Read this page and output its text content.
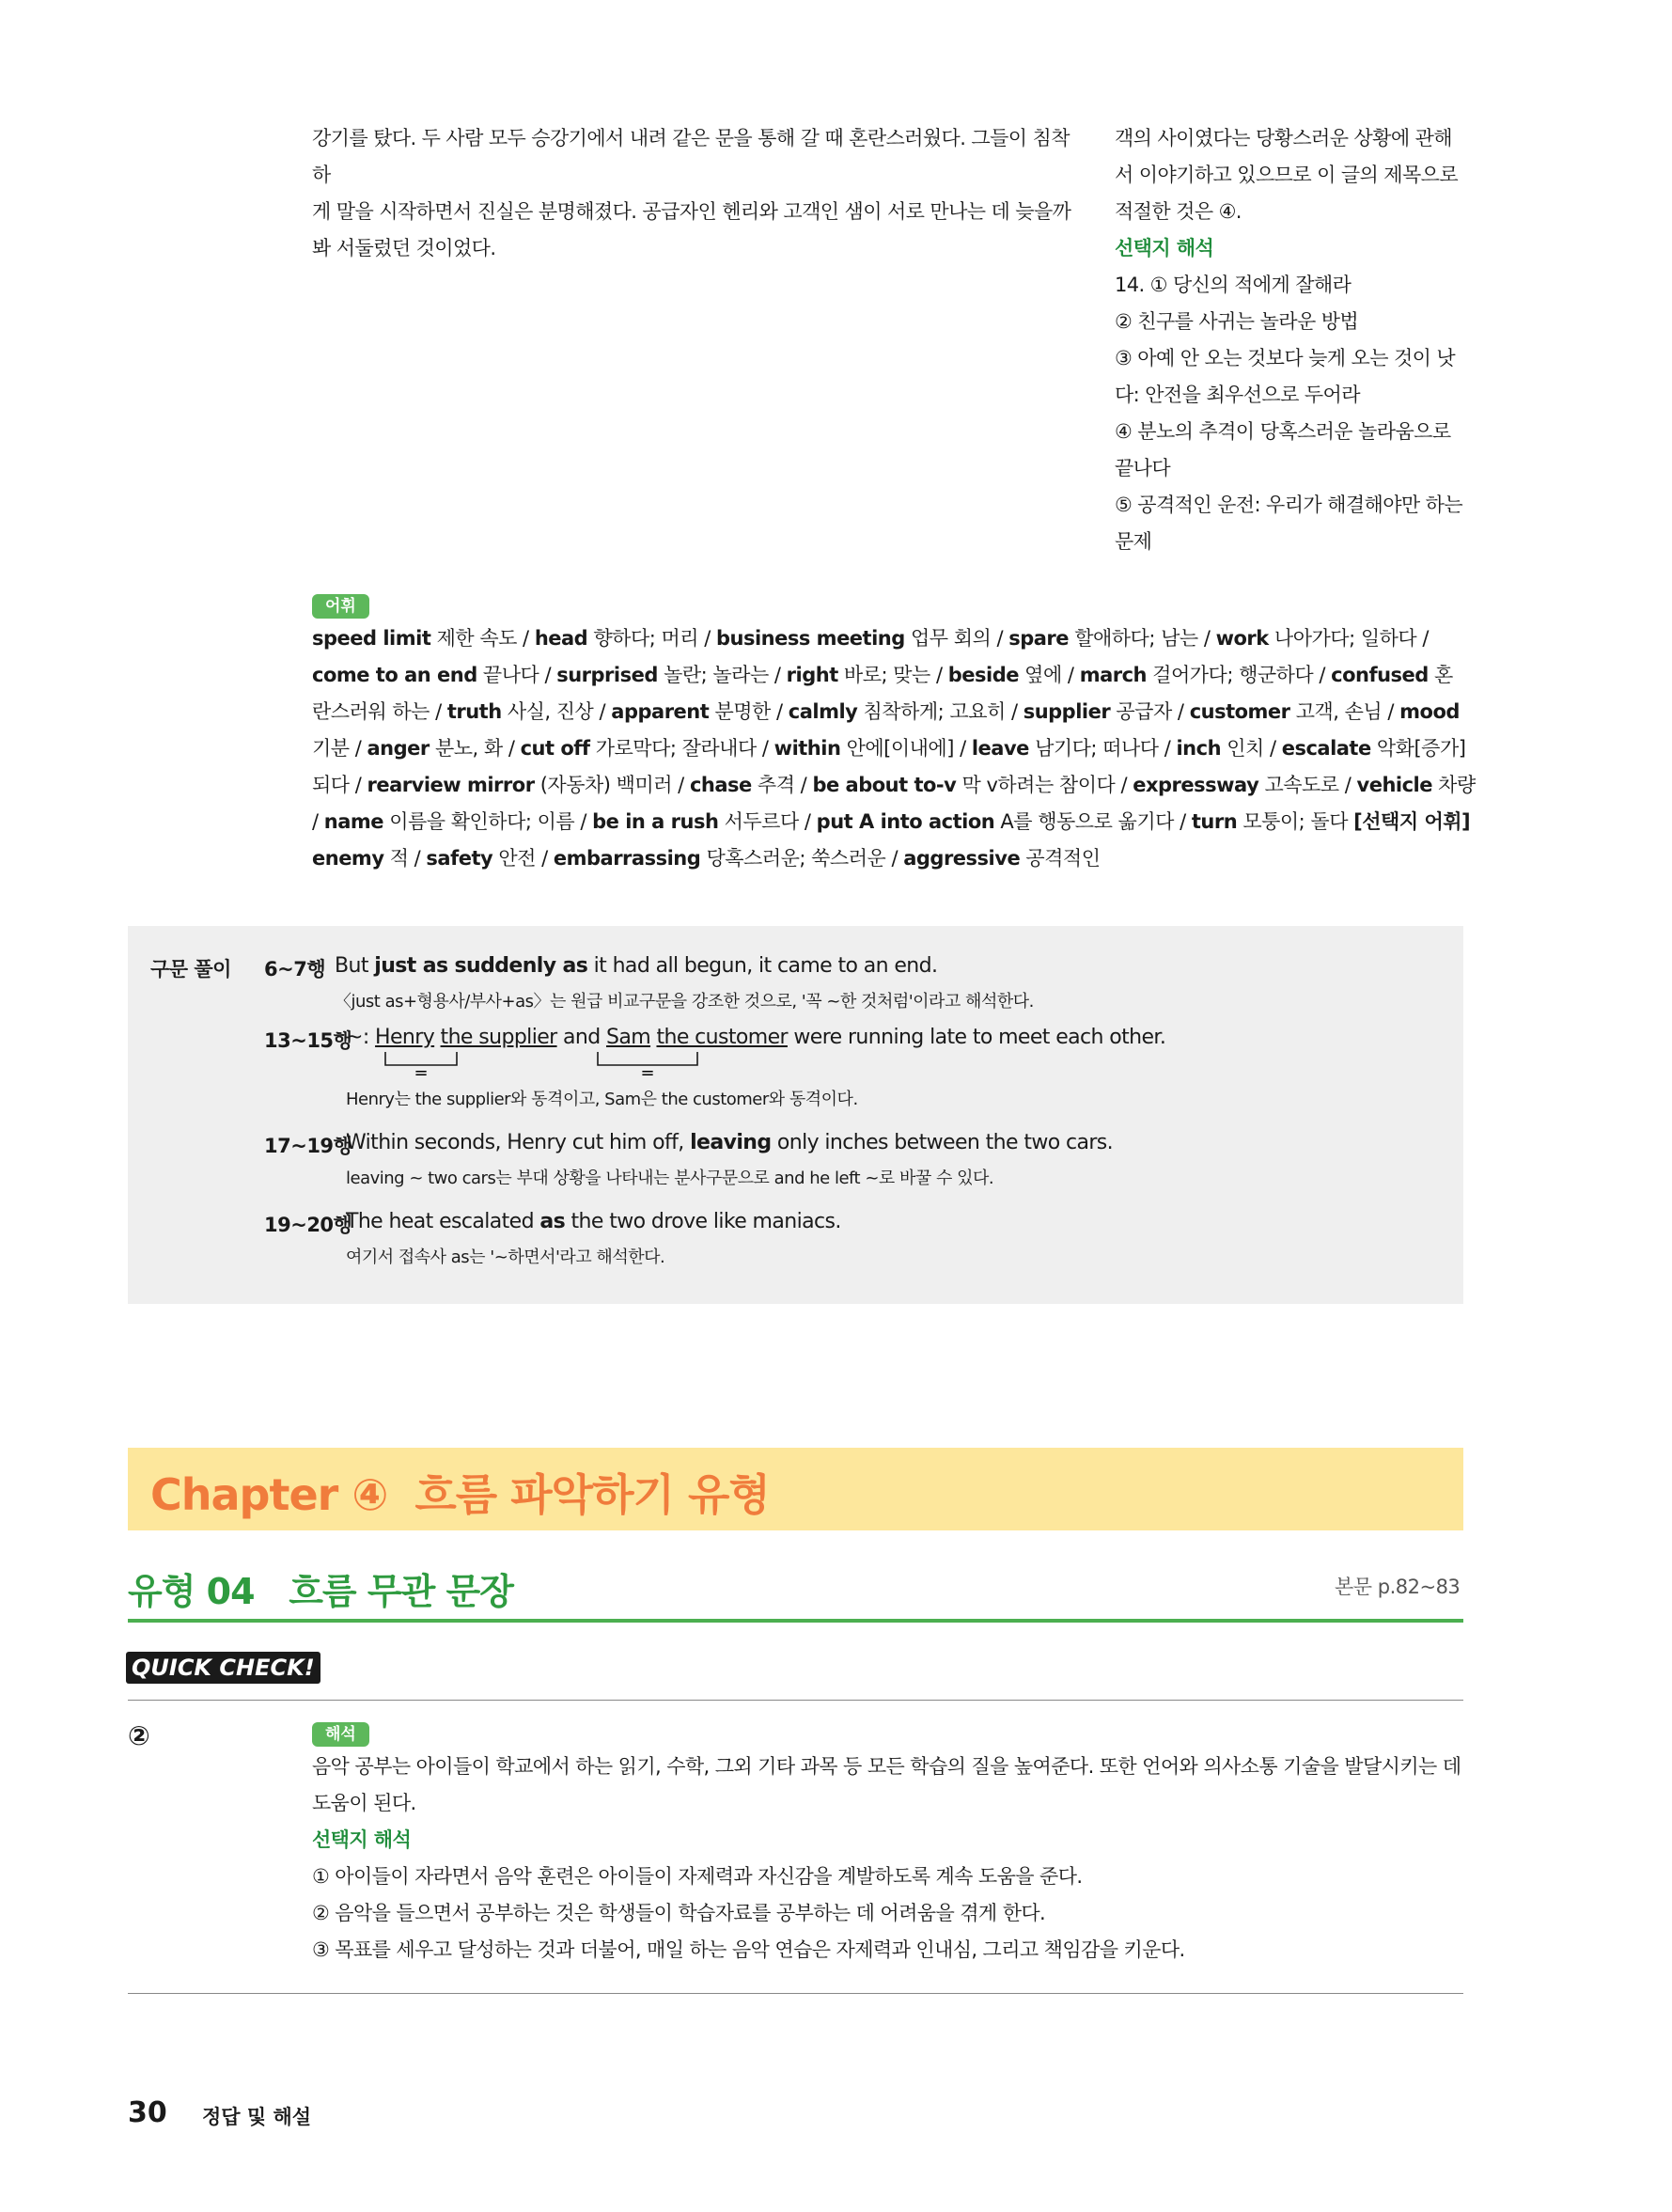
강기를 탔다. 두 사람 모두 승강기에서 내려 같은 문을 통해 갈 때 혼란스러웠다. 그들이 침착하
게 말을 시작하면서 진실은 분명해졌다. 공급자인 헨리와 고객인 샘이 서로 만나는 데 늦을까
봐 서둘렀던 것이었다.
객의 사이였다는 당황스러운 상황에 관해
서 이야기하고 있으므로 이 글의 제목으로
적절한 것은 ④.
선택지 해석
14. ① 당신의 적에게 잘해라
② 친구를 사귀는 놀라운 방법
③ 아예 안 오는 것보다 늦게 오는 것이 낫
다: 안전을 최우선으로 두어라
④ 분노의 추격이 당혹스러운 놀라움으로
끝나다
⑤ 공격적인 운전: 우리가 해결해야만 하는
문제
어휘
speed limit 제한 속도 / head 향하다; 머리 / business meeting 업무 회의 / spare 할애하다; 남는 / work 나아가다; 일하다 /
come to an end 끝나다 / surprised 놀란; 놀라는 / right 바로; 맞는 / beside 옆에 / march 걸어가다; 행군하다 / confused 혼
란스러워 하는 / truth 사실, 진상 / apparent 분명한 / calmly 침착하게; 고요히 / supplier 공급자 / customer 고객, 손님 / mood
기분 / anger 분노, 화 / cut off 가로막다; 잘라내다 / within 안에[이내에] / leave 남기다; 떠나다 / inch 인치 / escalate 악화[증가]
되다 / rearview mirror (자동차) 백미러 / chase 추격 / be about to-v 막 v하려는 참이다 / expressway 고속도로 / vehicle 차량
/ name 이름을 확인하다; 이름 / be in a rush 서두르다 / put A into action A를 행동으로 옮기다 / turn 모퉁이; 돌다 [선택지 어휘]
enemy 적 / safety 안전 / embarrassing 당혹스러운; 쑥스러운 / aggressive 공격적인
구문 풀이 6~7행 But just as suddenly as it had all begun, it came to an end.
〈just as+형용사/부사+as〉는 원급 비교구문을 강조한 것으로, '꼭 ~한 것처럼'이라고 해석한다.
13~15행
~: Henry the supplier and Sam the customer were running late to meet each other.
=	=
Henry는 the supplier와 동격이고, Sam은 the customer와 동격이다.
17~19행
Within seconds, Henry cut him off, leaving only inches between the two cars.
leaving ~ two cars는 부대 상황을 나타내는 분사구문으로 and he left ~로 바꿀 수 있다.
19~20행
The heat escalated as the two drove like maniacs.
여기서 접속사 as는 '~하면서'라고 해석한다.
Chapter ④ 흐름 파악하기 유형
유형 04   흐름 무관 문장	본문 p.82~83
QUICK CHECK!
②	해석
음악 공부는 아이들이 학교에서 하는 읽기, 수학, 그외 기타 과목 등 모든 학습의 질을 높여준다. 또한 언어와 의사소통 기술을 발달시키는 데
도움이 된다.
선택지 해석
① 아이들이 자라면서 음악 훈련은 아이들이 자제력과 자신감을 계발하도록 계속 도움을 준다.
② 음악을 들으면서 공부하는 것은 학생들이 학습자료를 공부하는 데 어려움을 겪게 한다.
③ 목표를 세우고 달성하는 것과 더불어, 매일 하는 음악 연습은 자제력과 인내심, 그리고 책임감을 키운다.
30 정답 및 해설
